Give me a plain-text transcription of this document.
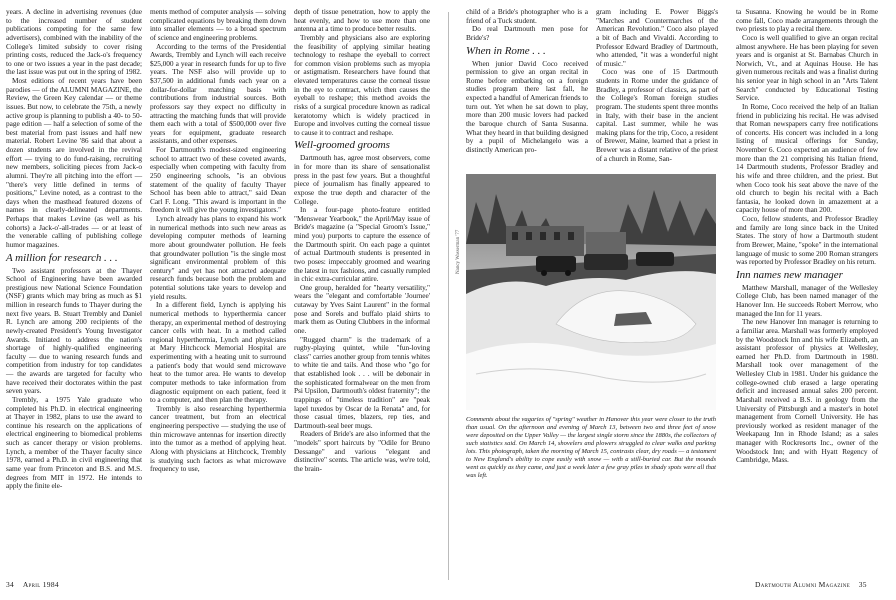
years. A decline in advertising revenues (due to the increased number of student publications competing for the same few advertisers), combined with the inability of the College's limited subsidy to cover rising printing costs, reduced the Jack-o's frequency to one or two issues a year in the past decade; the last issue was put out in the spring of 1982.

Most editions of recent years have been parodies — of the ALUMNI MAGAZINE, the Review, the Green Key calendar — or theme issues. But now, to celebrate the 75th, a newly active group is planning to publish a 40- to 50-page edition — half a selection of some of the best material from past issues and half new material. Robert Levine '86 said that about a dozen students are involved in the revival effort — trying to do fund-raising, recruiting new members, soliciting pieces from Jack-o alumni. They're all pitching into the effort — "there's very little defined in terms of positions," Levine noted, as a contrast to the days when the masthead featured dozens of names in clearly-delineated departments. Perhaps that makes Levine (as well as his cohorts) a Jack-o'-all-trades — or at least of the venerable calling of publishing college humor magazines.

A million for research . . .

Two assistant professors at the Thayer School of Engineering have been awarded prestigious new National Science Foundation (NSF) grants which may bring as much as $1 million in research funds to Thayer during the next five years. B. Stuart Trembly and Daniel R. Lynch are among 200 recipients of the newly-created President's Young Investigator Awards. Initiated to address the nation's shortage of highly-qualified engineering faculty — due to waning research funds and competition from industry for top candidates — the awards are targeted for faculty who have received their doctorates within the past seven years.

Trembly, a 1975 Yale graduate who completed his Ph.D. in electrical engineering at Thayer in 1982, plans to use the award to continue his research on the applications of electrical engineering to biomedical problems such as cancer therapy or vision problems. Lynch, a member of the Thayer faculty since 1978, earned a Ph.D. in civil engineering that same year from Princeton and B.S. and M.S. degrees from MIT in 1972. He intends to apply the finite ele-

ments method of computer analysis — solving complicated equations by breaking them down into smaller elements — to a broad spectrum of science and engineering problems.

According to the terms of the Presidential Awards, Trembly and Lynch will each receive $25,000 a year in research funds for up to five years. The NSF also will provide up to $37,500 in additional funds each year on a dollar-for-dollar matching basis with contributions from industrial sources. Both professors say they expect no difficulty in attracting the matching funds that will provide them each with a total of $500,000 over five years for equipment, graduate research assistants, and other expenses.

For Dartmouth's modest-sized engineering school to attract two of these coveted awards, especially when competing with faculty from 250 engineering schools, "is an obvious statement of the quality of faculty Thayer School has been able to attract," said Dean Carl F. Long. "This award is important in the freedom it will give the young investigators."

Lynch already has plans to expand his work in numerical methods into such new areas as developing computer methods of learning more about groundwater pollution. He feels that groundwater pollution "is the single most significant environmental problem of this century" and yet has not attracted adequate research funds because both the problem and potential solutions take years to develop and yield results.

In a different field, Lynch is applying his numerical methods to hyperthermia cancer therapy, an experimental method of destroying cancer cells with heat. In a method called regional hyperthermia, Lynch and physicians at Mary Hitchcock Memorial Hospital are experimenting with a heating unit to surround a patient's body that would send microwave heat to the tumor area. He wants to develop computer methods to take information from diagnostic equipment on each patient, feed it to a computer, and then plan the therapy.

Trembly is also researching hyperthermia cancer treatment, but from an electrical engineering perspective — studying the use of thin microwave antennas for insertion directly into the tumor as a method of applying heat. Along with physicians at Hitchcock, Trembly is studying such factors as what microwave frequency to use,

depth of tissue penetration, how to apply the heat evenly, and how to use more than one antenna at a time to produce better results.

Trembly and physicians also are exploring the feasibility of applying similar heating technology to reshape the eyeball to correct for common vision problems such as myopia or astigmatism. Researchers have found that elevated temperatures cause the corneal tissue in the eye to contract, which then causes the eyeball to reshape; this method avoids the risks of a surgical procedure known as radical keratotomy which is widely practiced in Europe and involves cutting the corneal tissue to cause it to contract and reshape.

Well-groomed grooms

Dartmouth has, agree most observers, come in for more than its share of sensationalist press in the past few years. But a thoughtful piece of journalism has finally appeared to expose the true depth and character of the College.

In a four-page photo-feature entitled "Menswear Yearbook," the April/May issue of Bride's magazine (a "Special Groom's Issue," mind you) purports to capture the essence of the Dartmouth spirit. On each page a quintet of actual Dartmouth students is presented in two poses: impeccably groomed and wearing the latest in tux fashions, and casually rumpled in chic extra-curricular attire.

One group, heralded for "hearty versatility," wears the "elegant and comfortable 'Journee' cutaway by Yves Saint Laurent" in the formal pose and Sorels and buffalo plaid shirts to mark them as Outing Clubbers in the informal one.

"Rugged charm" is the trademark of a rugby-playing quintet, while "fun-loving class" carries another group from tennis whites to white tie and tails. And those who "go for that established look . . . will be debonair in the sophisticated formalwear on the men from Psi Upsilon, Dartmouth's oldest fraternity"; the trappings of "timeless tradition" are "peak lapel tuxedos by Oscar de la Renata" and, for those casual times, blazers, rep ties, and Dartmouth-seal beer mugs.

Readers of Bride's are also informed that the "models" sport haircuts by "Odile for Bruno Dessange" and various "elegant and distinctive" scents. The article was, we're told, the brain-

34 April 1984

child of a Bride's photographer who is a friend of a Tuck student.

Do real Dartmouth men pose for Bride's?

When in Rome . . .

When junior David Coco received permission to give an organ recital in Rome before embarking on a foreign studies program there last fall, he expected a handful of American friends to turn out. Yet when he sat down to play, more than 200 music lovers had packed the baroque church of Santa Susanna. What they heard in that building designed by a pupil of Michelangelo was a distinctly American pro-

gram including E. Power Biggs's "Marches and Countermarches of the American Revolution." Coco also played a bit of Bach and Vivaldi. According to Professor Edward Bradley of Dartmouth, who attended, "it was a wonderful night of music."

Coco was one of 15 Dartmouth students in Rome under the guidance of Bradley, a professor of classics, as part of the College's Roman foreign studies program. The students spent three months in Italy, with their base in the ancient capital. Last summer, while he was making plans for the trip, Coco, a resident of Brewer, Maine, learned that a priest in Brewer was a distant relative of the priest of a church in Rome, San-

ta Susanna. Knowing he would be in Rome come fall, Coco made arrangements through the two priests to play a recital there.

Coco is well qualified to give an organ recital almost anywhere. He has been playing for seven years and is organist at St. Barnabas Church in Norwich, Vt., and at Aquinas House. He has given numerous recitals and was a finalist during his senior year in high school in an "Arts Talent Search" conducted by Educational Testing Service.

In Rome, Coco received the help of an Italian friend in publicizing his recital. He was advised that Roman newspapers carry free notifications of concerts. His concert was included in a long listing of musical offerings for Sunday, November 6. Coco expected an audience of few more than the 21 comprising his Italian friend, 14 Dartmouth students, Professor Bradley and his wife and three children, and the priest. But when Coco took his seat above the nave of the old church to begin his recital with a Bach fantasia, he looked down in amazement at a capacity house of more than 200.

Coco, fellow students, and Professor Bradley and family are long since back in the United States. The story of how a Dartmouth student from Brewer, Maine, "spoke" in the international language of music to some 200 Roman strangers was reported by Professor Bradley on his return.

Inn names new manager

Matthew Marshall, manager of the Wellesley College Club, has been named manager of the Hanover Inn. He succeeds Robert Merrow, who managed the Inn for 11 years.

The new Hanover Inn manager is returning to a familiar area. Marshall was formerly employed by the Woodstock Inn and his wife Elizabeth, an assistant professor of physics at Wellesley, earned her Ph.D. from Dartmouth in 1980. Marshall took over management of the Wellesley Club in 1981. Under his guidance the college-owned club erased a large operating deficit and increased annual sales 200 percent. Marshall received a B.S. in geology from the University of Pittsburgh and a master's in hotel management from Cornell University. He has previously worked as resident manager of the Weekapaug Inn in Rhode Island; as a sales manager with Rockresorts Inc., owner of the Woodstock Inn; and with Hyatt Regency of Cambridge, Mass.

Nancy Wasserman '77
Comments about the vagaries of "spring" weather in Hanover this year were closer to the truth than usual. On the afternoon and evening of March 13, between two and three feet of snow were deposited on the Upper Valley — the largest single storm since the 1880s, the collectors of such statistics said. On March 14, shovelers and plowers struggled to clear walks and parking lots. This photograph, taken the morning of March 15, contrasts clear, dry roads — a testament to New England's ability to cope easily with snow — with a still-buried car. But the mounds went as quickly as they came, and just a week later a few gray piles in shady spots were all that was left.
Dartmouth Alumni Magazine 35
